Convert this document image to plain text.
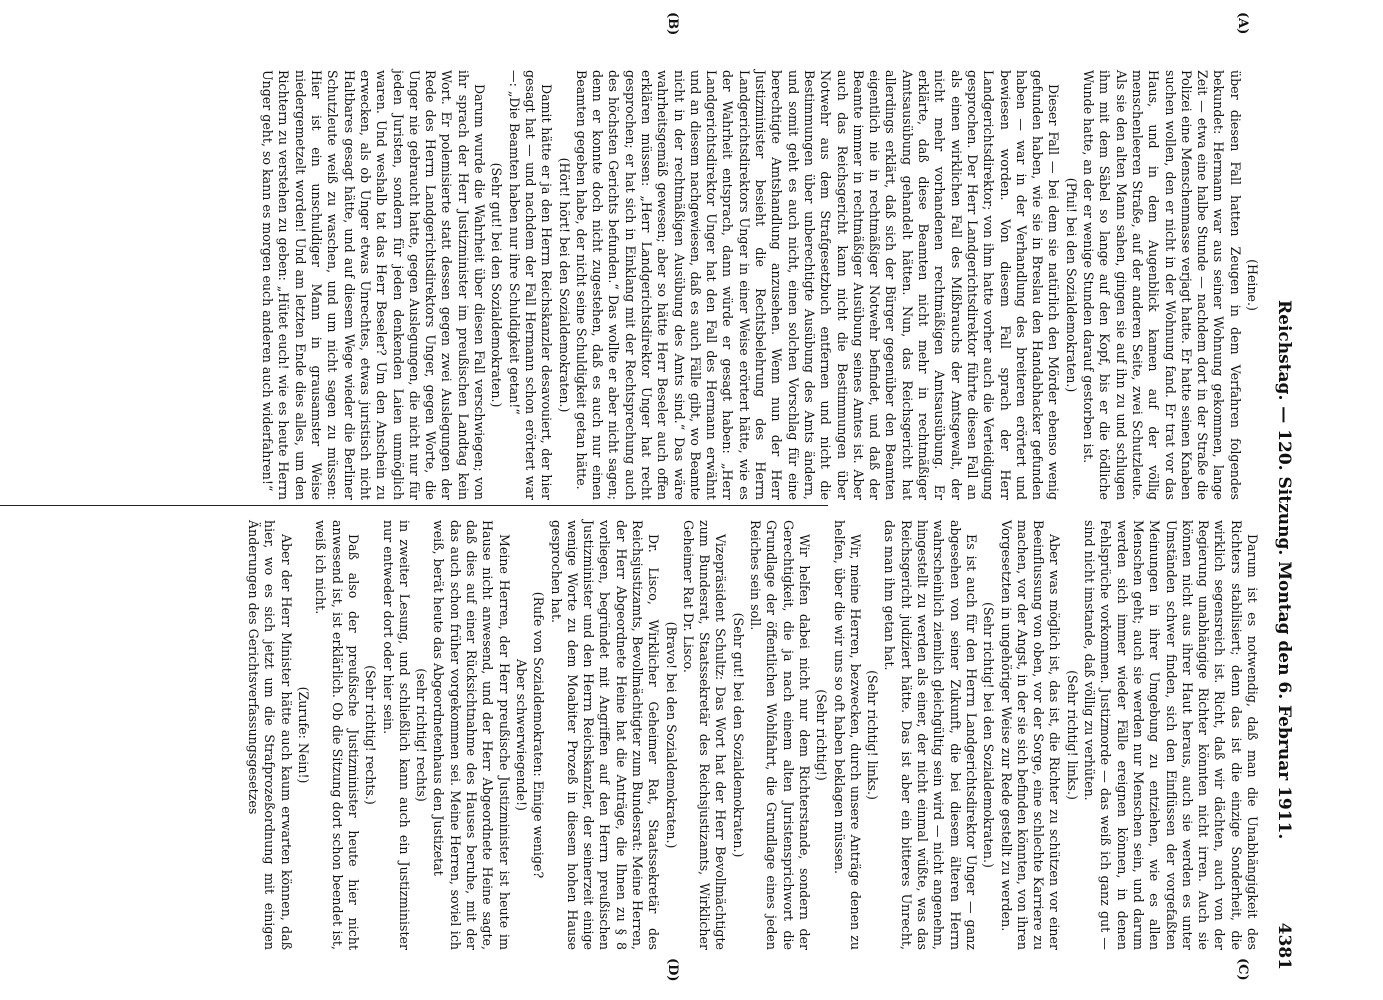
Reichstag. — 120. Sitzung. Montag den 6. Februar 1911.
4381
(A)
(B)
(C)
(D)

(Heine.)

über diesen Fall hatten Zeugen in dem Verfahren folgendes bekundet: Hermann war aus seiner Wohnung gekommen, lange Zeit — etwa eine halbe Stunde — nachdem dort in der Straße die Polizei eine Menschenmasse verjagt hatte. Er hatte seinen Knaben suchen wollen, den er nicht in der Wohnung fand. Er trat vor das Haus, und in dem Augenblick kamen auf der völlig menschenleeren Straße, auf der anderen Seite, zwei Schutzleute. Als sie den alten Mann sahen, gingen sie auf ihn zu und schlugen ihm mit dem Säbel so lange auf den Kopf, bis er die tödliche Wunde hatte, an der er wenige Stunden darauf gestorben ist.

(Pfui! bei den Sozialdemokraten.)

Dieser Fall — bei dem sie natürlich den Mörder ebenso wenig gefunden haben, wie sie in Breslau den Handabhacker gefunden haben — war in der Verhandlung des breiteren erörtert und bewiesen worden. Von diesem Fall sprach der Herr Landgerichtsdirektor; von ihm hatte vorher auch die Verteidigung gesprochen. Der Herr Landgerichtsdirektor führte diesen Fall an als einen wirklichen Fall des Mißbrauchs der Amtsgewalt, der nicht mehr vorhandenen rechtmäßigen Amtsausübung. Er erklärte, daß diese Beamten nicht mehr in rechtmäßiger Amtsausübung gehandelt hätten. Nun, das Reichsgericht hat allerdings erklärt, daß sich der Bürger gegenüber den Beamten eigentlich nie in rechtmäßiger Notwehr befindet, und daß der Beamte immer in rechtmäßiger Ausübung seines Amtes ist. Aber auch das Reichsgericht kann nicht die Bestimmungen über Notwehr aus dem Strafgesetzbuch entfernen und nicht die Bestimmungen über unberechtigte Ausübung des Amts ändern, und somit geht es auch nicht, einen solchen Vorschlag für eine berechtigte Amtshandlung anzusehen. Wenn nun der Herr Justizminister besieht die Rechtsbelehrung des Herrn Landgerichtsdirektors Unger in einer Weise erörtert hätte, wie es der Wahrheit entsprach, dann würde er gesagt haben: „Herr Landgerichtsdirektor Unger hat den Fall des Hermann erwähnt und an diesem nachgewiesen, daß es auch Fälle gibt, wo Beamte nicht in der rechtmäßigen Ausübung des Amts sind.“ Das wäre wahrheitsgemäß gewesen; aber so hätte Herr Beseler auch offen erklären müssen: „Herr Landgerichtsdirektor Unger hat recht gesprochen; er hat sich in Einklang mit der Rechtsprechung auch des höchsten Gerichts befunden.“ Das wollte er aber nicht sagen; denn er konnte doch nicht zugestehen, daß es auch nur einen Beamten gegeben habe, der nicht seine Schuldigkeit getan hätte.

(Hört! hört! bei den Sozialdemokraten.)

Damit hätte er ja den Herrn Reichskanzler desavouiert, der hier gesagt hat — und nachdem der Fall Hermann schon erörtert war —: „Die Beamten haben nur ihre Schuldigkeit getan!“

(Sehr gut! bei den Sozialdemokraten.)

Darum wurde die Wahrheit über diesen Fall verschwiegen; von ihr sprach der Herr Justizminister im preußischen Landtag kein Wort. Er polemisierte statt dessen gegen zwei Auslegungen der Rede des Herrn Landgerichtsdirektors Unger, gegen Worte, die Unger nie gebraucht hatte, gegen Auslegungen, die nicht nur für jeden Juristen, sondern für jeden denkenden Laien unmöglich waren. Und weshalb tat das Herr Beseler? Um den Anschein zu erwecken, als ob Unger etwas Unrechtes, etwas juristisch nicht Haltbares gesagt hätte, und auf diesem Wege wieder die Berliner Schutzleute weiß zu waschen, und um nicht sagen zu müssen: Hier ist ein unschuldiger Mann in grausamster Weise niedergemetzelt worden! Und am letzten Ende dies alles, um den Richtern zu verstehen zu geben: „Hütet euch! wie es heute Herrn Unger geht, so kann es morgen euch anderen auch widerfahren!“

Darum ist es notwendig, daß man die Unabhängigkeit des Richters stabilisiert; denn das ist die einzige Sonderheit, die wirklich segensreich ist. Richt, daß wir dächten, auch von der Regierung unabhängige Richter könnten nicht irren. Auch sie können nicht aus ihrer Haut heraus, auch sie werden es unter Umständen schwer finden, sich den Einflüssen der vorgefaßten Meinungen in ihrer Umgebung zu entziehen, wie es allen Menschen geht; auch sie werden nur Menschen sein, und darum werden sich immer wieder Fälle ereignen können, in denen Fehlsprüche vorkommen. Justizmorde — das weiß ich ganz gut — sind nicht imstande, daß völlig zu verhüten.

(Sehr richtig! links.)

Aber was möglich ist, das ist, die Richter zu schützen vor einer Beeinflussung von oben, vor der Sorge, eine schlechte Karriere zu machen, vor der Angst, in der sie sich befinden könnten, von ihren Vorgesetzten in ungehöriger Weise zur Rede gestellt zu werden.

(Sehr richtig! bei den Sozialdemokraten.)

Es ist auch für den Herrn Landgerichtsdirektor Unger — ganz abgesehen von seiner Zukunft, die bei diesem älteren Herrn wahrscheinlich ziemlich gleichgültig sein wird — nicht angenehm, hingestellt zu werden als einer, der nicht einmal wüßte, was das Reichsgericht judiziert hätte. Das ist aber ein bitteres Unrecht, das man ihm getan hat.

(Sehr richtig! links.)

Wir, meine Herren, bezwecken, durch unsere Anträge denen zu helfen, über die wir uns so oft haben beklagen müssen.

(Sehr richtig!)

Wir helfen dabei nicht nur dem Richterstande, sondern der Gerechtigkeit, die ja nach einem alten Juristensprichwort die Grundlage der öffentlichen Wohlfahrt, die Grundlage eines jeden Reiches sein soll.

(Sehr gut! bei den Sozialdemokraten.)

Vizepräsident Schultz: Das Wort hat der Herr Bevollmächtigte zum Bundesrat, Staatssekretär des Reichsjustizamts, Wirklicher Geheimer Rat Dr. Lisco.

(Bravo! bei den Sozialdemokraten.)

Dr. Lisco, Wirklicher Geheimer Rat, Staatssekretär des Reichsjustizamts, Bevollmächtigter zum Bundesrat: Meine Herren, der Herr Abgeordnete Heine hat die Anträge, die Ihnen zu § 8 vorliegen, begründet mit Angriffen auf den Herrn preußischen Justizminister und den Herrn Reichskanzler, der seinerzeit einige wenige Worte zu dem Moabiter Prozeß in diesem hohen Hause gesprochen hat.

(Rufe von Sozialdemokraten: Einige wenige?

Aber schwerwiegende!)

Meine Herren, der Herr preußische Justizminister ist heute im Hause nicht anwesend, und der Herr Abgeordnete Heine sagte, daß dies auf einer Rücksichtnahme des Hauses beruhe, mit der das auch schon früher vorgekommen sei. Meine Herren, soviel ich weiß, berät heute das Abgeordnetenhaus den Justizetat

(sehr richtig! rechts)

in zweiter Lesung, und schließlich kann auch ein Justizminister nur entweder dort oder hier sein.

(Sehr richtig! rechts.)

Daß also der preußische Justizminister heute hier nicht anwesend ist, ist erklärlich. Ob die Sitzung dort schon beendet ist, weiß ich nicht.

(Zurufe: Nein!)

Aber der Herr Minister hätte auch kaum erwarten können, daß hier, wo es sich jetzt um die Strafprozeßordnung mit einigen Änderungen des Gerichtsverfassungsgesetzes
